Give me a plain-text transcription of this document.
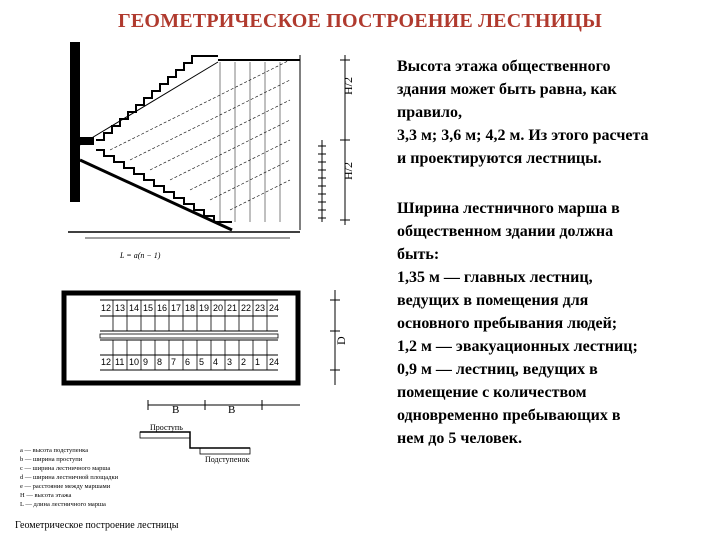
ГЕОМЕТРИЧЕСКОЕ ПОСТРОЕНИЕ ЛЕСТНИЦЫ
H/2
H/2
L = a(n − 1)
12 13 14 15 16 17 18 19 20 21 22 23 24
12 11 10 9 8 7 6 5 4 3 2 1 24
D
B	B
Проступь
Подступенок
a — высота подступенка
b — ширина проступи
c — ширина лестничного марша
d — ширина лестничной площадки
e — расстояние между маршами
H — высота этажа
L — длина лестничного марша
Геометрическое построение лестницы
Высота этажа общественного
здания может быть равна, как
правило,
3,3 м; 3,6 м; 4,2 м. Из этого расчета
и проектируются лестницы.
Ширина лестничного марша в
общественном здании должна
быть:
1,35 м — главных лестниц,
ведущих в помещения для
основного пребывания людей;
1,2 м — эвакуационных лестниц;
0,9 м — лестниц, ведущих в
помещение с количеством
одновременно пребывающих в
нем до 5 человек.
